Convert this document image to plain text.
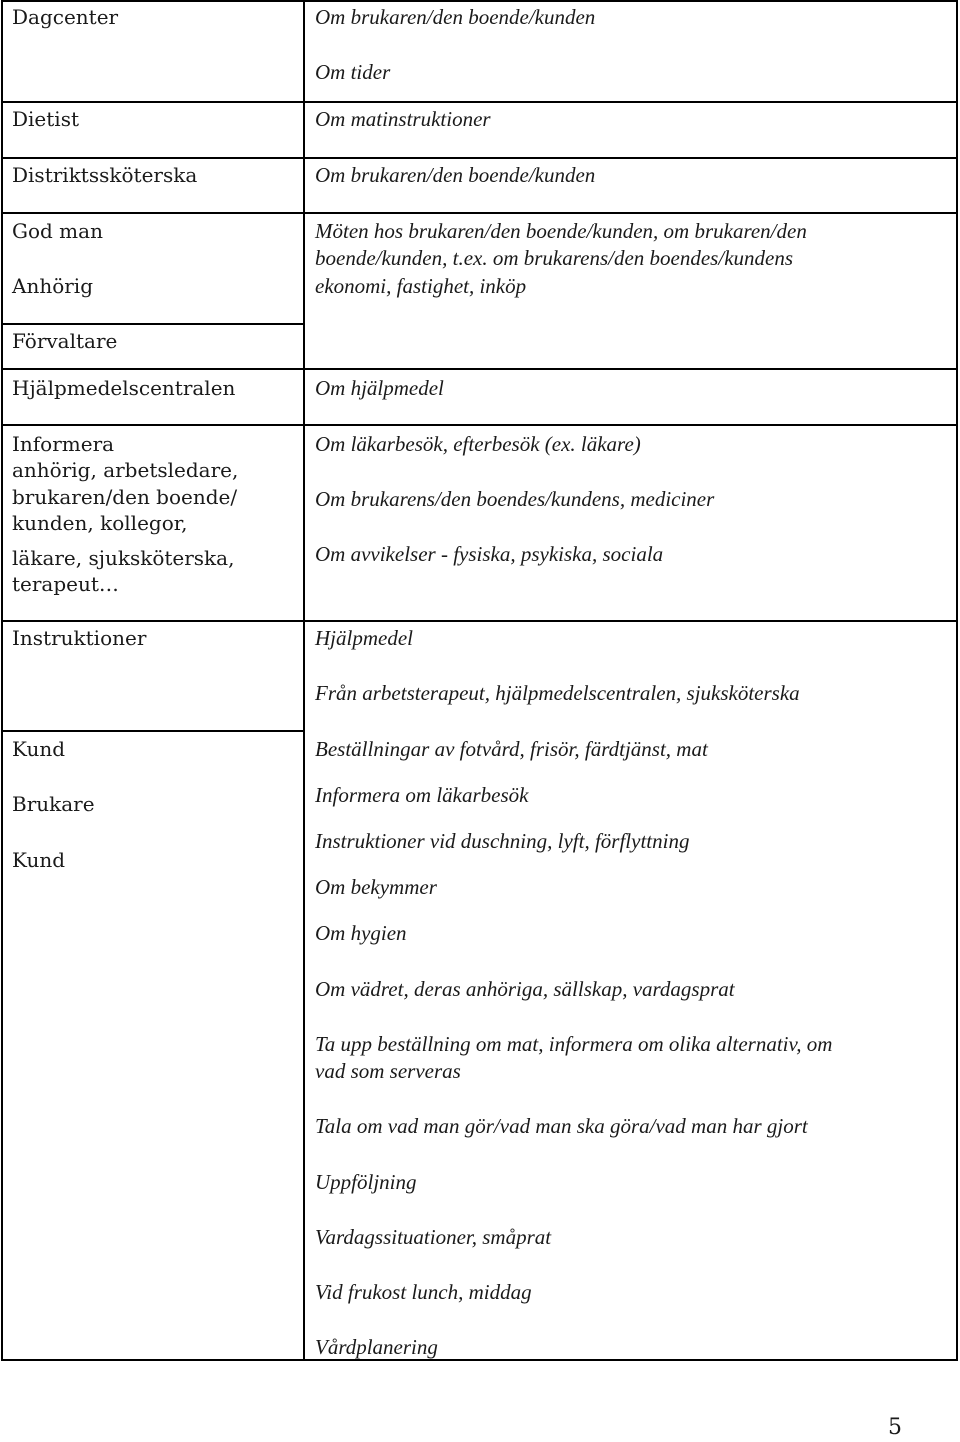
Dagcenter
Dietist
Distriktssköterska
God man
Anhörig
Förvaltare
Hjälpmedelscentralen
Informera
anhörig, arbetsledare,
brukaren/den boende/
kunden, kollegor,
läkare, sjuksköterska,
terapeut…
Instruktioner
Kund
Brukare
Kund
Om brukaren/den boende/kunden
Om tider
Om matinstruktioner
Om brukaren/den boende/kunden
Möten hos brukaren/den boende/kunden, om brukaren/den
boende/kunden, t.ex. om brukarens/den boendes/kundens
ekonomi, fastighet, inköp
Om hjälpmedel
Om läkarbesök, efterbesök (ex. läkare)
Om brukarens/den boendes/kundens, mediciner
Om avvikelser - fysiska, psykiska, sociala
Hjälpmedel
Från arbetsterapeut, hjälpmedelscentralen, sjuksköterska
Beställningar av fotvård, frisör, färdtjänst, mat
Informera om läkarbesök
Instruktioner vid duschning, lyft, förflyttning
Om bekymmer
Om hygien
Om vädret, deras anhöriga, sällskap, vardagsprat
Ta upp beställning om mat, informera om olika alternativ, om
vad som serveras
Tala om vad man gör/vad man ska göra/vad man har gjort
Uppföljning
Vardagssituationer, småprat
Vid frukost lunch, middag
Vårdplanering
5
